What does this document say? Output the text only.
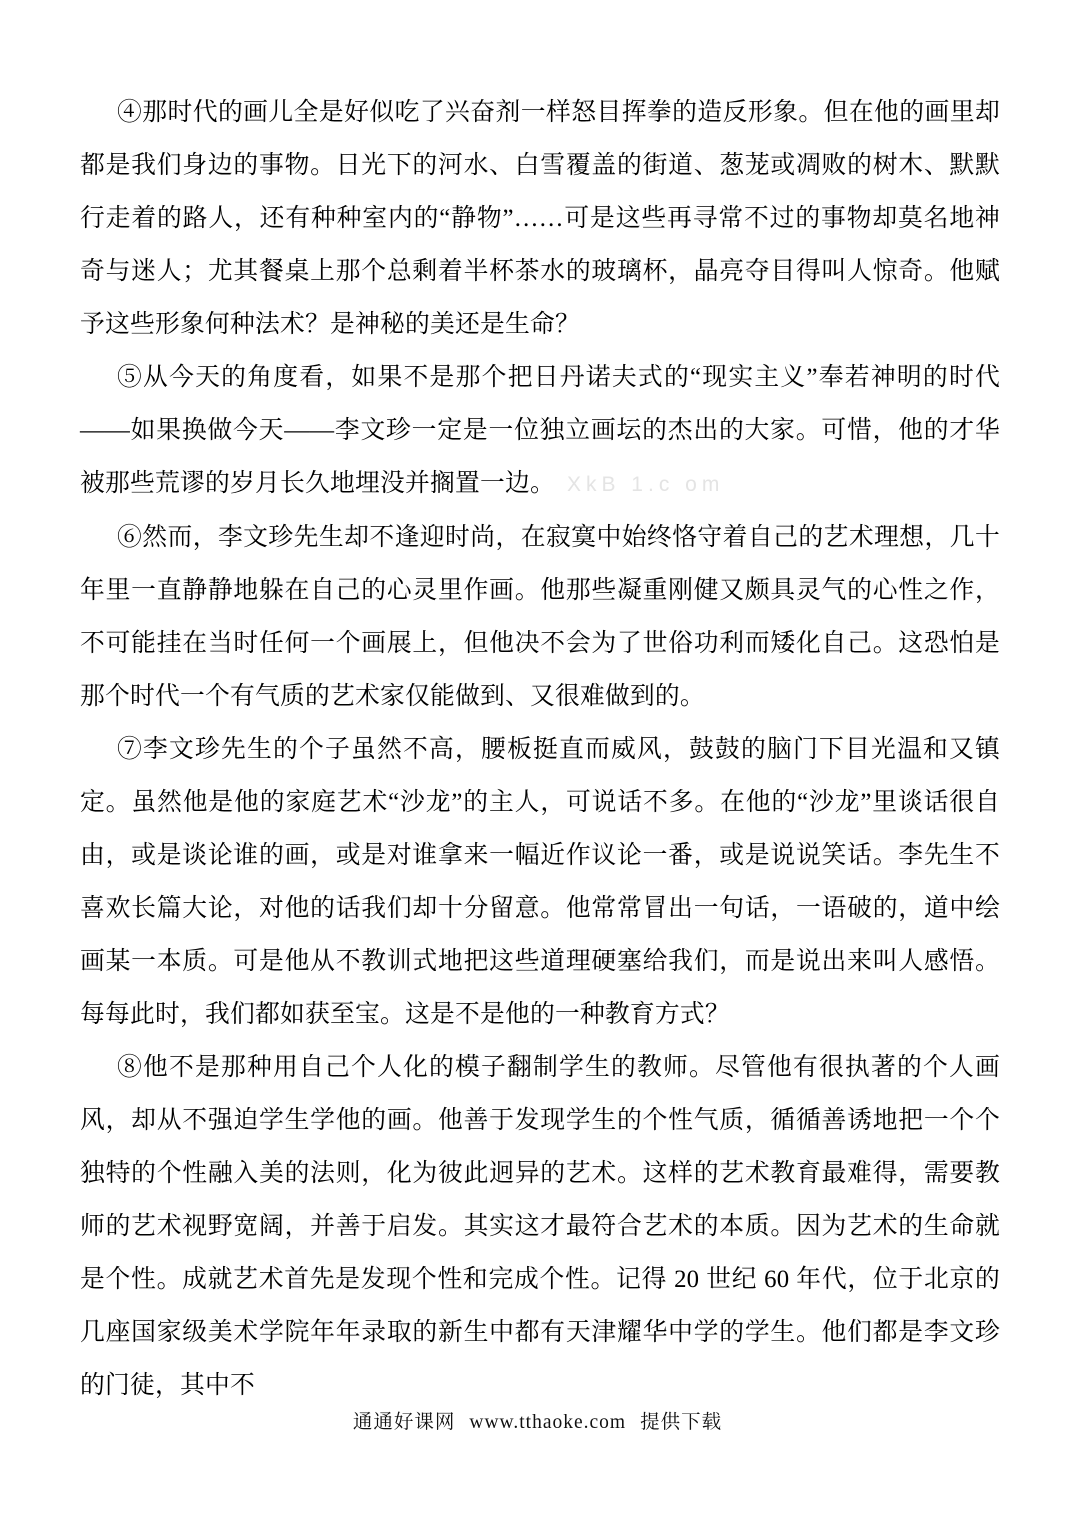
④那时代的画儿全是好似吃了兴奋剂一样怒目挥拳的造反形象。但在他的画里却都是我们身边的事物。日光下的河水、白雪覆盖的街道、葱茏或凋败的树木、默默行走着的路人，还有种种室内的“静物”……可是这些再寻常不过的事物却莫名地神奇与迷人；尤其餐桌上那个总剩着半杯茶水的玻璃杯，晶亮夺目得叫人惊奇。他赋予这些形象何种法术？是神秘的美还是生命？

⑤从今天的角度看，如果不是那个把日丹诺夫式的“现实主义”奉若神明的时代——如果换做今天——李文珍一定是一位独立画坛的杰出的大家。可惜，他的才华被那些荒谬的岁月长久地埋没并搁置一边。 XkB 1.c om

⑥然而，李文珍先生却不逢迎时尚，在寂寞中始终恪守着自己的艺术理想，几十年里一直静静地躲在自己的心灵里作画。他那些凝重刚健又颇具灵气的心性之作，不可能挂在当时任何一个画展上，但他决不会为了世俗功利而矮化自己。这恐怕是那个时代一个有气质的艺术家仅能做到、又很难做到的。

⑦李文珍先生的个子虽然不高，腰板挺直而威风，鼓鼓的脑门下目光温和又镇定。虽然他是他的家庭艺术“沙龙”的主人，可说话不多。在他的“沙龙”里谈话很自由，或是谈论谁的画，或是对谁拿来一幅近作议论一番，或是说说笑话。李先生不喜欢长篇大论，对他的话我们却十分留意。他常常冒出一句话，一语破的，道中绘画某一本质。可是他从不教训式地把这些道理硬塞给我们，而是说出来叫人感悟。每每此时，我们都如获至宝。这是不是他的一种教育方式？

⑧他不是那种用自己个人化的模子翻制学生的教师。尽管他有很执著的个人画风，却从不强迫学生学他的画。他善于发现学生的个性气质，循循善诱地把一个个独特的个性融入美的法则，化为彼此迥异的艺术。这样的艺术教育最难得，需要教师的艺术视野宽阔，并善于启发。其实这才最符合艺术的本质。因为艺术的生命就是个性。成就艺术首先是发现个性和完成个性。记得 20 世纪 60 年代，位于北京的几座国家级美术学院年年录取的新生中都有天津耀华中学的学生。他们都是李文珍的门徒，其中不

通通好课网 www.tthaoke.com 提供下载
